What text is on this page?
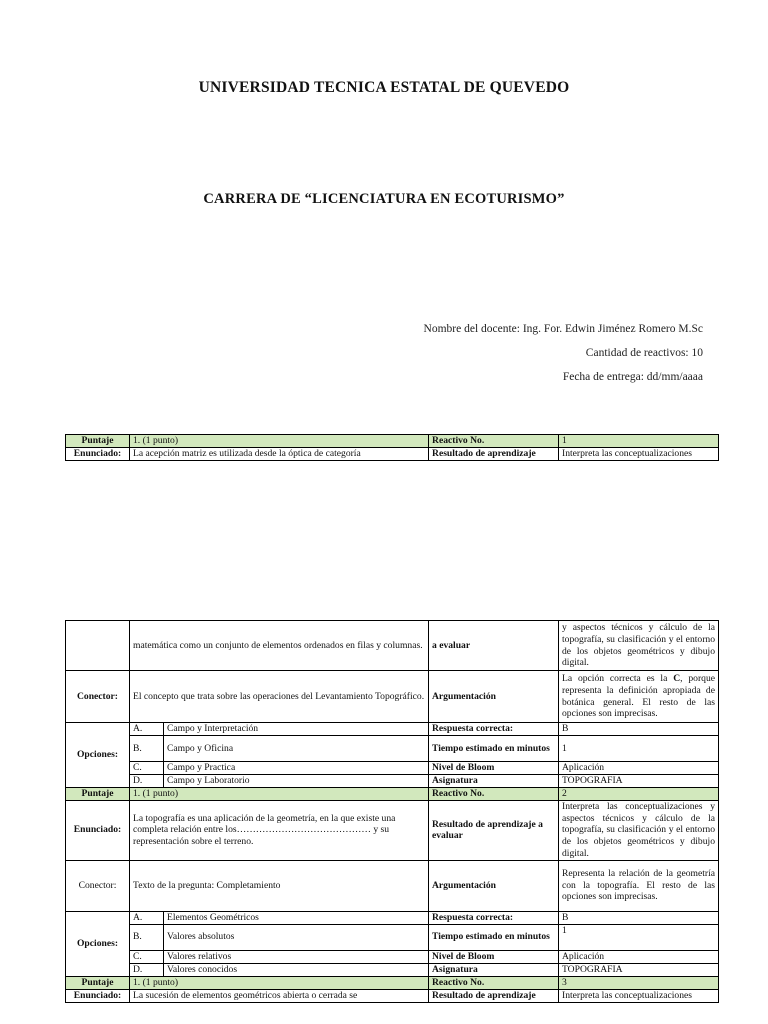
UNIVERSIDAD TECNICA ESTATAL DE QUEVEDO
CARRERA DE “LICENCIATURA EN ECOTURISMO”
Nombre del docente: Ing. For. Edwin Jiménez Romero M.Sc
Cantidad de reactivos: 10
Fecha de entrega: dd/mm/aaaa
Puntaje	1. (1 punto)	Reactivo No.	1
Enunciado:	La acepción matriz es utilizada desde la óptica de categoría	Resultado de aprendizaje	Interpreta las conceptualizaciones
	matemática como un conjunto de elementos ordenados en filas y columnas.		a evaluar	y aspectos técnicos y cálculo de la topografía, su clasificación y el entorno de los objetos geométricos y dibujo digital.
Conector:	El concepto que trata sobre las operaciones del Levantamiento Topográfico.		Argumentación	La opción correcta es la C, porque representa la definición apropiada de botánica general. El resto de las opciones son imprecisas.
Opciones:	A.	Campo y Interpretación	Respuesta correcta:	B
	B.	Campo y Oficina	Tiempo estimado en minutos	1
	C.	Campo y Practica	Nivel de Bloom	Aplicación
	D.	Campo y Laboratorio	Asignatura	TOPOGRAFIA
Puntaje	1. (1 punto)		Reactivo No.	2
Enunciado:	La topografía es una aplicación de la geometría, en la que existe una completa relación entre los…………………………………… y su representación sobre el terreno.		Resultado de aprendizaje a evaluar	Interpreta las conceptualizaciones y aspectos técnicos y cálculo de la topografía, su clasificación y el entorno de los objetos geométricos y dibujo digital.
Conector:	Texto de la pregunta: Completamiento		Argumentación	Representa la relación de la geometría con la topografía. El resto de las opciones son imprecisas.
Opciones:	A.	Elementos Geométricos	Respuesta correcta:	B
	B.	Valores absolutos	Tiempo estimado en minutos	1
	C.	Valores relativos	Nivel de Bloom	Aplicación
	D.	Valores conocidos	Asignatura	TOPOGRAFIA
Puntaje	1. (1 punto)		Reactivo No.	3
Enunciado:	La sucesión de elementos geométricos abierta o cerrada se		Resultado de aprendizaje	Interpreta las conceptualizaciones
